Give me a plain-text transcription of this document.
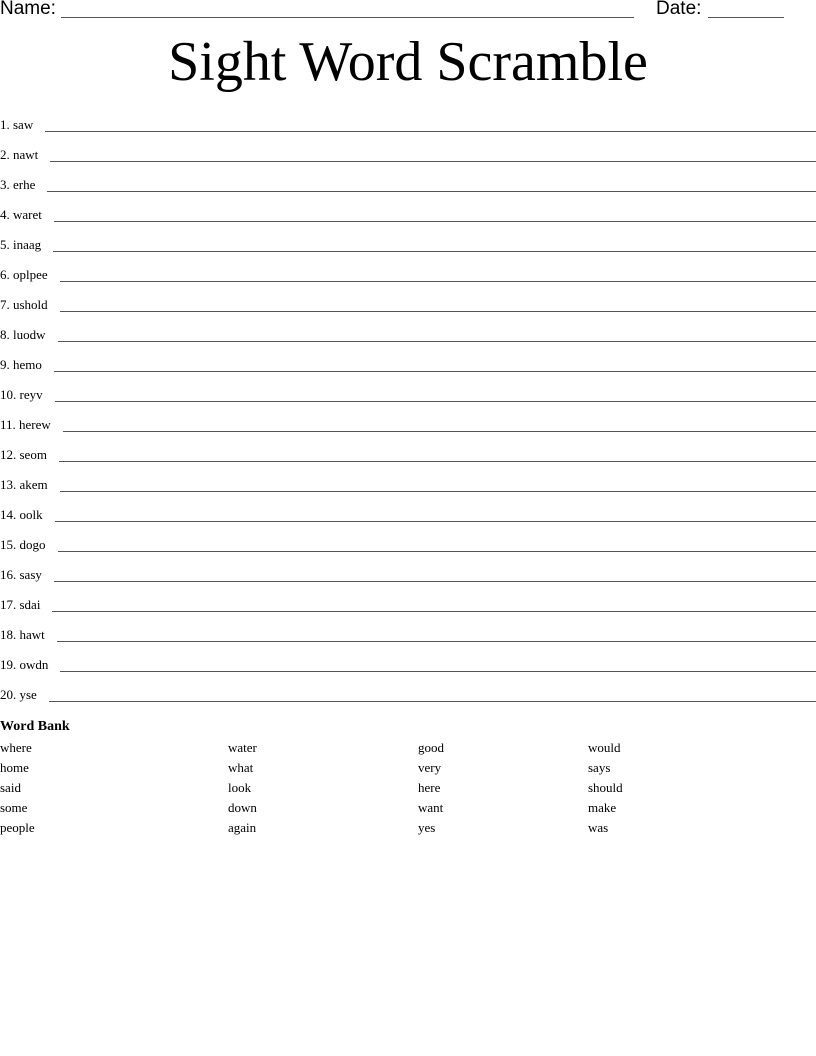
Name:	Date:
Sight Word Scramble
1. saw
2. nawt
3. erhe
4. waret
5. inaag
6. oplpee
7. ushold
8. luodw
9. hemo
10. reyv
11. herew
12. seom
13. akem
14. oolk
15. dogo
16. sasy
17. sdai
18. hawt
19. owdn
20. yse
Word Bank
where
home
said
some
people
water
what
look
down
again
good
very
here
want
yes
would
says
should
make
was
